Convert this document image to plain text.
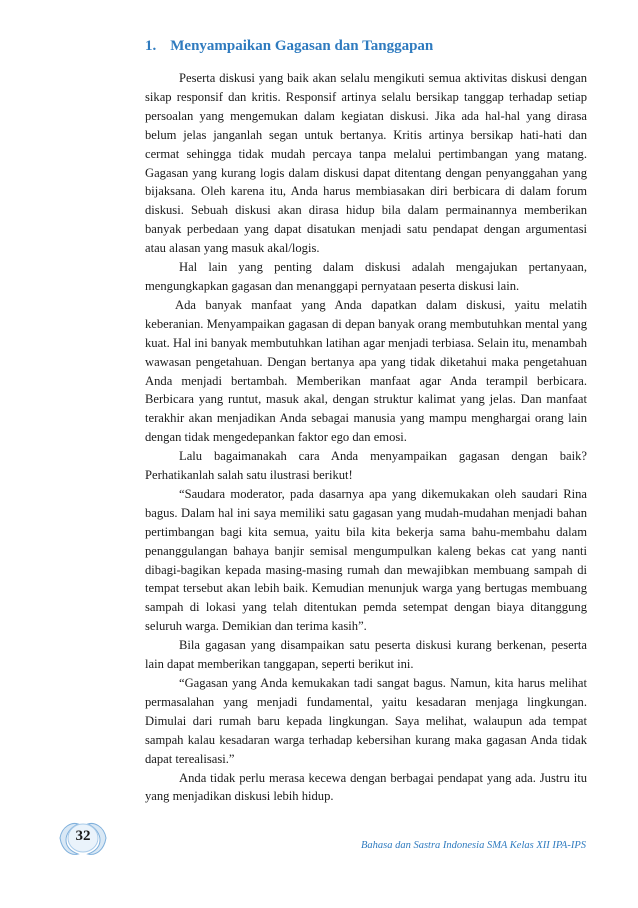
1. Menyampaikan Gagasan dan Tanggapan

Peserta diskusi yang baik akan selalu mengikuti semua aktivitas diskusi dengan sikap responsif dan kritis. Responsif artinya selalu bersikap tanggap terhadap setiap persoalan yang mengemukan dalam kegiatan diskusi. Jika ada hal-hal yang dirasa belum jelas janganlah segan untuk bertanya. Kritis artinya bersikap hati-hati dan cermat sehingga tidak mudah percaya tanpa melalui pertimbangan yang matang. Gagasan yang kurang logis dalam diskusi dapat ditentang dengan penyanggahan yang bijaksana. Oleh karena itu, Anda harus membiasakan diri berbicara di dalam forum diskusi. Sebuah diskusi akan dirasa hidup bila dalam permainannya memberikan banyak perbedaan yang dapat disatukan menjadi satu pendapat dengan argumentasi atau alasan yang masuk akal/logis.

Hal lain yang penting dalam diskusi adalah mengajukan pertanyaan, mengungkapkan gagasan dan menanggapi pernyataan peserta diskusi lain.

Ada banyak manfaat yang Anda dapatkan dalam diskusi, yaitu melatih keberanian. Menyampaikan gagasan di depan banyak orang membutuhkan mental yang kuat. Hal ini banyak membutuhkan latihan agar menjadi terbiasa. Selain itu, menambah wawasan pengetahuan. Dengan bertanya apa yang tidak diketahui maka pengetahuan Anda menjadi bertambah. Memberikan manfaat agar Anda terampil berbicara. Berbicara yang runtut, masuk akal, dengan struktur kalimat yang jelas. Dan manfaat terakhir akan menjadikan Anda sebagai manusia yang mampu menghargai orang lain dengan tidak mengedepankan faktor ego dan emosi.

Lalu bagaimanakah cara Anda menyampaikan gagasan dengan baik? Perhatikanlah salah satu ilustrasi berikut!

“Saudara moderator, pada dasarnya apa yang dikemukakan oleh saudari Rina bagus. Dalam hal ini saya memiliki satu gagasan yang mudah-mudahan menjadi bahan pertimbangan bagi kita semua, yaitu bila kita bekerja sama bahu-membahu dalam penanggulangan bahaya banjir semisal mengumpulkan kaleng bekas cat yang nanti dibagi-bagikan kepada masing-masing rumah dan mewajibkan membuang sampah di tempat tersebut akan lebih baik. Kemudian menunjuk warga yang bertugas membuang sampah di lokasi yang telah ditentukan pemda setempat dengan biaya ditanggung seluruh warga. Demikian dan terima kasih”.

Bila gagasan yang disampaikan satu peserta diskusi kurang berkenan, peserta lain dapat memberikan tanggapan, seperti berikut ini.

“Gagasan yang Anda kemukakan tadi sangat bagus. Namun, kita harus melihat permasalahan yang menjadi fundamental, yaitu kesadaran menjaga lingkungan. Dimulai dari rumah baru kepada lingkungan. Saya melihat, walaupun ada tempat sampah kalau kesadaran warga terhadap kebersihan kurang maka gagasan Anda tidak dapat terealisasi.”

Anda tidak perlu merasa kecewa dengan berbagai pendapat yang ada. Justru itu yang menjadikan diskusi lebih hidup.

32
Bahasa dan Sastra Indonesia SMA Kelas XII IPA-IPS
